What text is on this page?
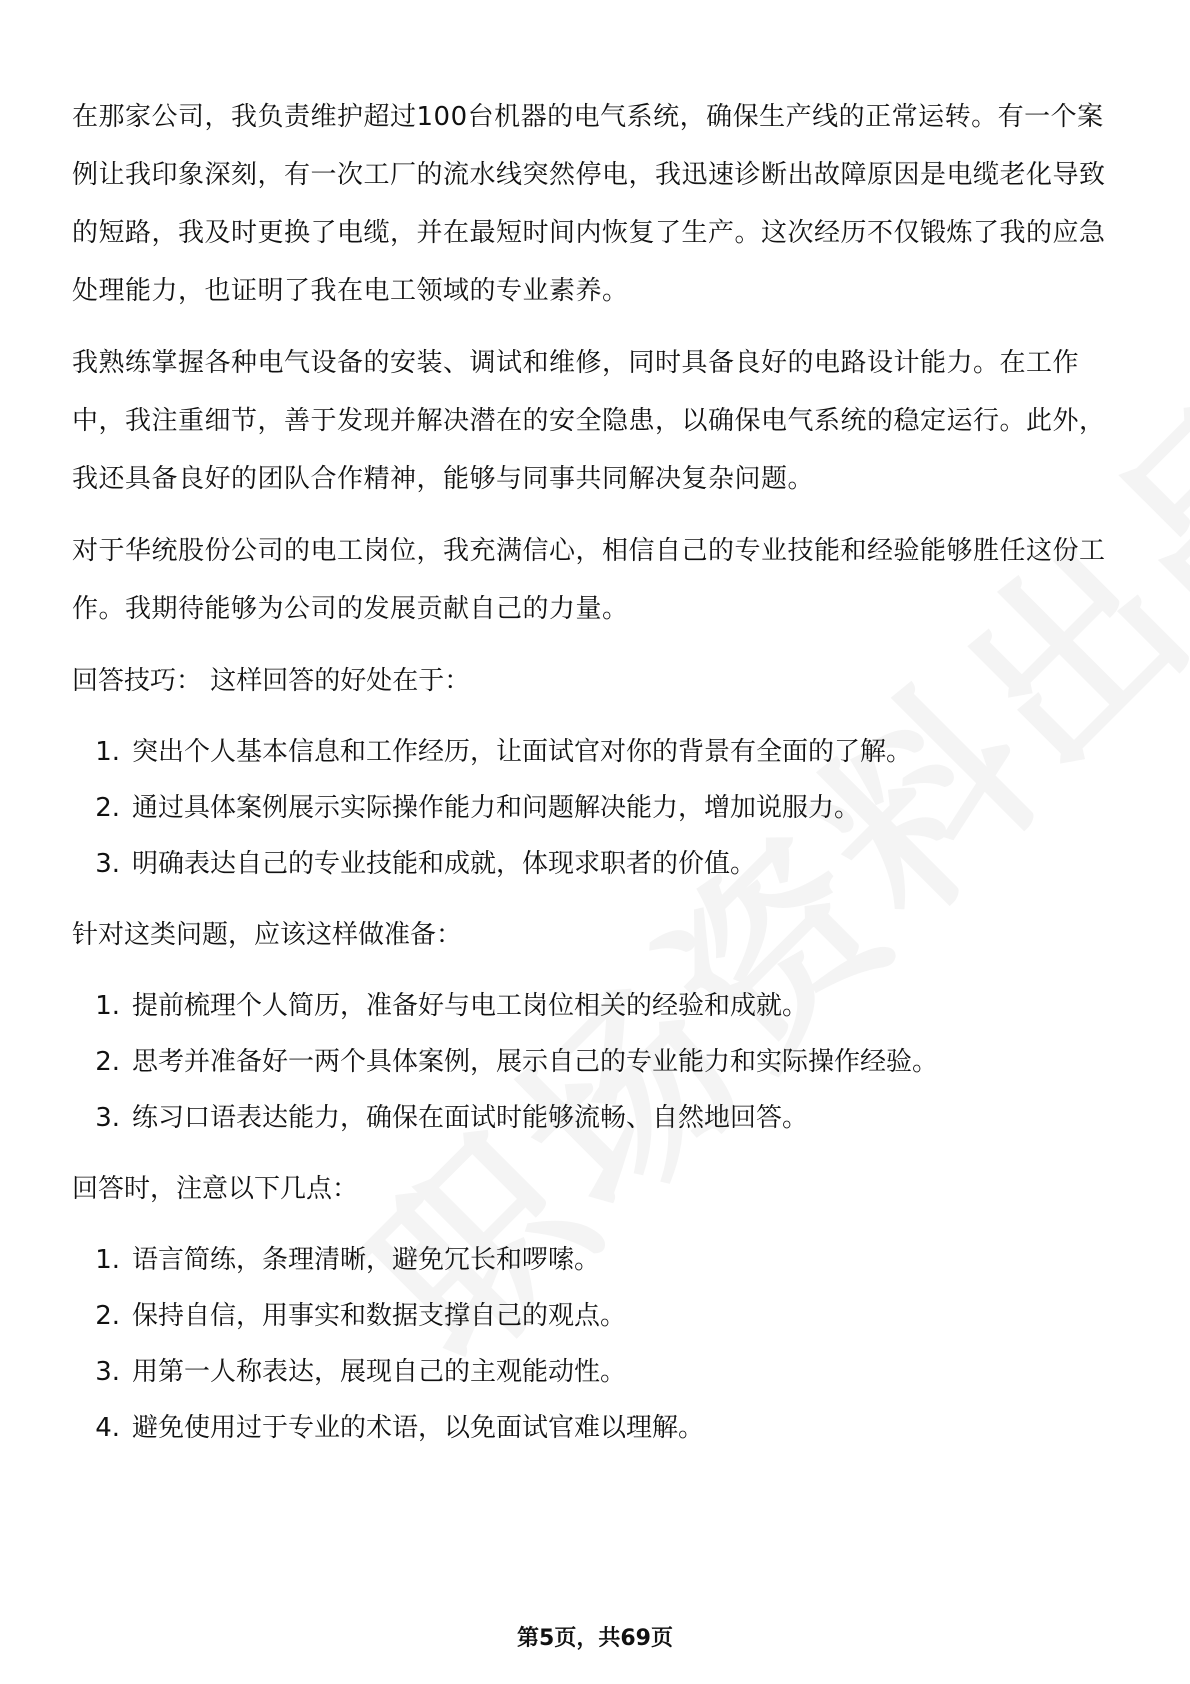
在那家公司，我负责维护超过100台机器的电气系统，确保生产线的正常运转。有一个案例让我印象深刻，有一次工厂的流水线突然停电，我迅速诊断出故障原因是电缆老化导致的短路，我及时更换了电缆，并在最短时间内恢复了生产。这次经历不仅锻炼了我的应急处理能力，也证明了我在电工领域的专业素养。

我熟练掌握各种电气设备的安装、调试和维修，同时具备良好的电路设计能力。在工作中，我注重细节，善于发现并解决潜在的安全隐患，以确保电气系统的稳定运行。此外，我还具备良好的团队合作精神，能够与同事共同解决复杂问题。

对于华统股份公司的电工岗位，我充满信心，相信自己的专业技能和经验能够胜任这份工作。我期待能够为公司的发展贡献自己的力量。

回答技巧： 这样回答的好处在于：

1. 突出个人基本信息和工作经历，让面试官对你的背景有全面的了解。
2. 通过具体案例展示实际操作能力和问题解决能力，增加说服力。
3. 明确表达自己的专业技能和成就，体现求职者的价值。

针对这类问题，应该这样做准备：

1. 提前梳理个人简历，准备好与电工岗位相关的经验和成就。
2. 思考并准备好一两个具体案例，展示自己的专业能力和实际操作经验。
3. 练习口语表达能力，确保在面试时能够流畅、自然地回答。

回答时，注意以下几点：

1. 语言简练，条理清晰，避免冗长和啰嗦。
2. 保持自信，用事实和数据支撑自己的观点。
3. 用第一人称表达，展现自己的主观能动性。
4. 避免使用过于专业的术语，以免面试官难以理解。
第5页，共69页
